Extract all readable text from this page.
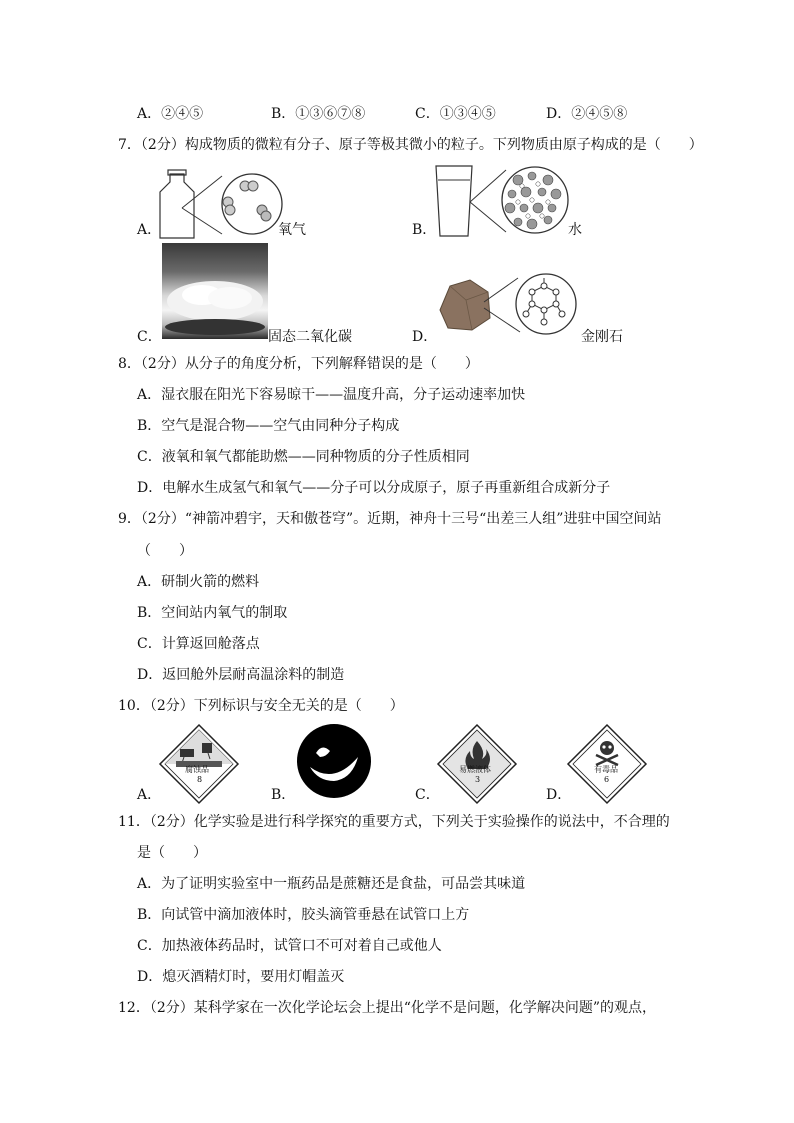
A．②④⑤	B．①③⑥⑦⑧	C．①③④⑤	D．②④⑤⑧
7．（2分）构成物质的微粒有分子、原子等极其微小的粒子。下列物质由原子构成的是（　　）
A．	氧气	B．	水
C．	固态二氧化碳	D．	金刚石
8．（2分）从分子的角度分析，下列解释错误的是（　　）
A．湿衣服在阳光下容易晾干——温度升高，分子运动速率加快
B．空气是混合物——空气由同种分子构成
C．液氧和氧气都能助燃——同种物质的分子性质相同
D．电解水生成氢气和氧气——分子可以分成原子，原子再重新组合成新分子
9．（2分）“神箭冲碧宇，天和傲苍穹”。近期，神舟十三号“出差三人组”进驻中国空间站
（　　）
A．研制火箭的燃料
B．空间站内氧气的制取
C．计算返回舱落点
D．返回舱外层耐高温涂料的制造
10．（2分）下列标识与安全无关的是（　　）
A．
腐蚀品
8
B．	C．
易燃液体
3
D．
有毒品
6
11．（2分）化学实验是进行科学探究的重要方式，下列关于实验操作的说法中，不合理的
是（　　）
A．为了证明实验室中一瓶药品是蔗糖还是食盐，可品尝其味道
B．向试管中滴加液体时，胶头滴管垂悬在试管口上方
C．加热液体药品时，试管口不可对着自己或他人
D．熄灭酒精灯时，要用灯帽盖灭
12．（2分）某科学家在一次化学论坛会上提出“化学不是问题，化学解决问题”的观点，
